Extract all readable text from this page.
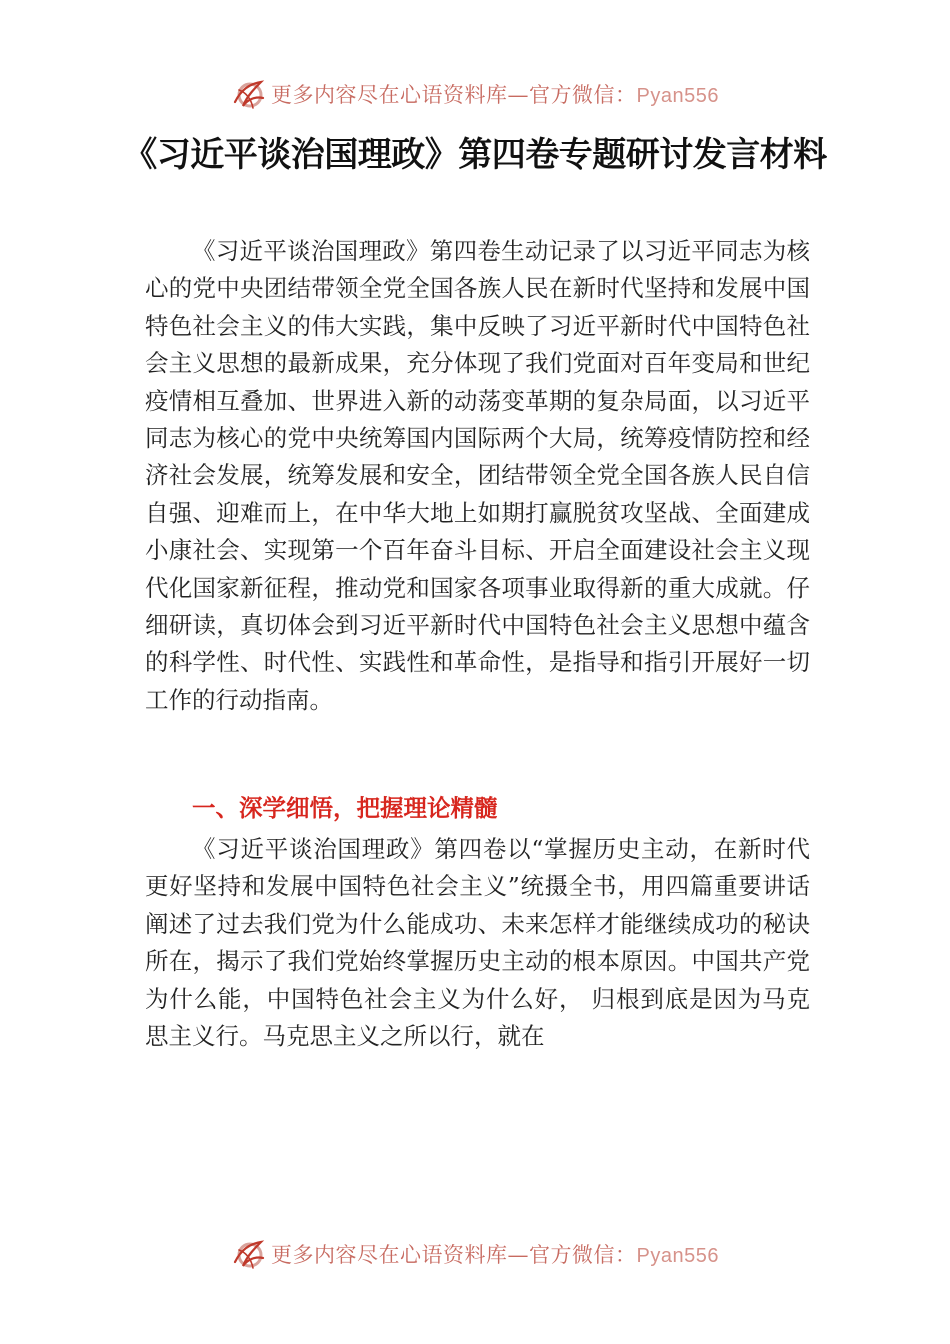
更多内容尽在心语资料库—官方微信：Pyan556
《习近平谈治国理政》第四卷专题研讨发言材料

《习近平谈治国理政》第四卷生动记录了以习近平同志为核心的党中央团结带领全党全国各族人民在新时代坚持和发展中国特色社会主义的伟大实践，集中反映了习近平新时代中国特色社会主义思想的最新成果，充分体现了我们党面对百年变局和世纪疫情相互叠加、世界进入新的动荡变革期的复杂局面，以习近平同志为核心的党中央统筹国内国际两个大局，统筹疫情防控和经济社会发展，统筹发展和安全，团结带领全党全国各族人民自信自强、迎难而上，在中华大地上如期打赢脱贫攻坚战、全面建成小康社会、实现第一个百年奋斗目标、开启全面建设社会主义现代化国家新征程，推动党和国家各项事业取得新的重大成就。仔细研读，真切体会到习近平新时代中国特色社会主义思想中蕴含的科学性、时代性、实践性和革命性，是指导和指引开展好一切工作的行动指南。

一、深学细悟，把握理论精髓

《习近平谈治国理政》第四卷以“掌握历史主动，在新时代更好坚持和发展中国特色社会主义”统摄全书，用四篇重要讲话阐述了过去我们党为什么能成功、未来怎样才能继续成功的秘诀所在，揭示了我们党始终掌握历史主动的根本原因。中国共产党为什么能，中国特色社会主义为什么好， 归根到底是因为马克思主义行。马克思主义之所以行，就在

更多内容尽在心语资料库—官方微信：Pyan556
